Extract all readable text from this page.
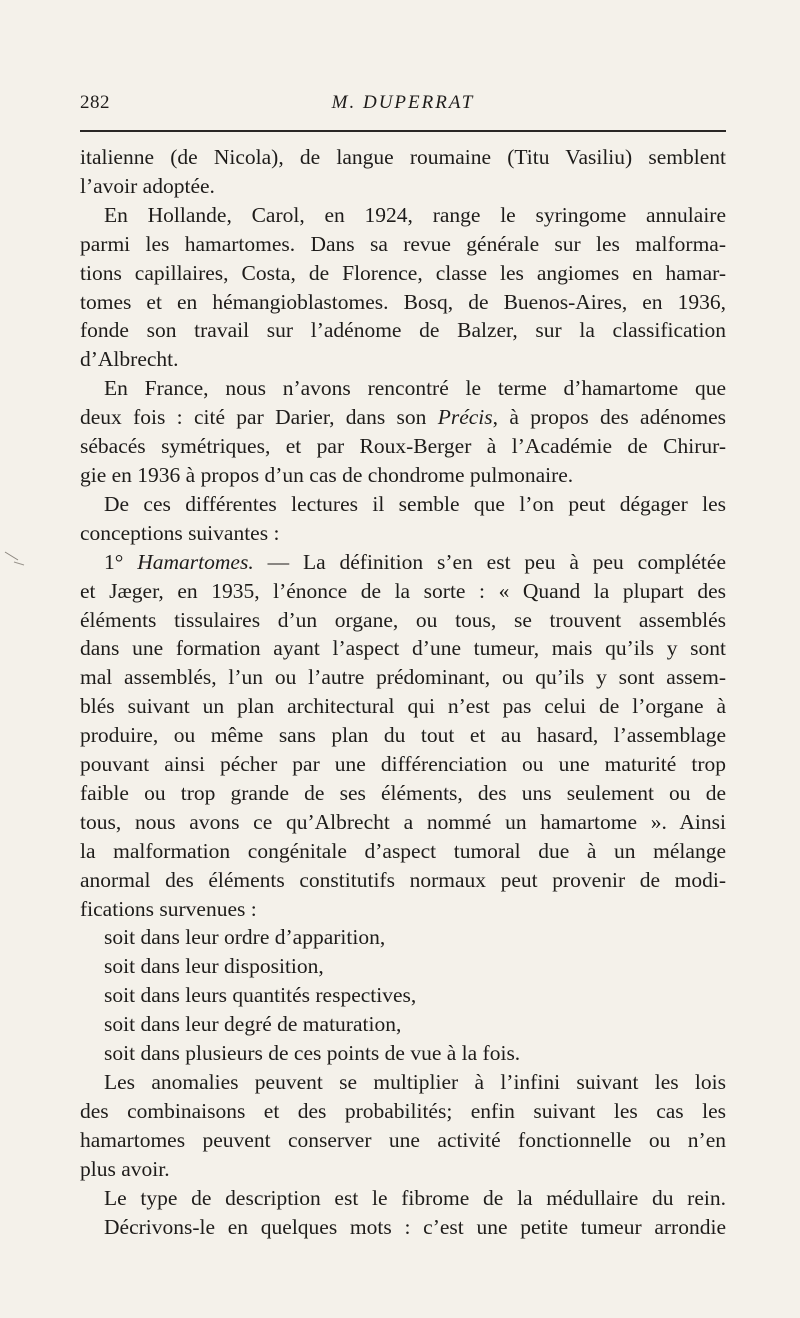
282	M. DUPERRAT
italienne (de Nicola), de langue roumaine (Titu Vasiliu) semblent
l’avoir adoptée.
En Hollande, Carol, en 1924, range le syringome annulaire
parmi les hamartomes. Dans sa revue générale sur les malforma-
tions capillaires, Costa, de Florence, classe les angiomes en hamar-
tomes et en hémangioblastomes. Bosq, de Buenos-Aires, en 1936,
fonde son travail sur l’adénome de Balzer, sur la classification
d’Albrecht.
En France, nous n’avons rencontré le terme d’hamartome que
deux fois : cité par Darier, dans son Précis, à propos des adénomes
sébacés symétriques, et par Roux-Berger à l’Académie de Chirur-
gie en 1936 à propos d’un cas de chondrome pulmonaire.
De ces différentes lectures il semble que l’on peut dégager les
conceptions suivantes :
1° Hamartomes. — La définition s’en est peu à peu complétée
et Jæger, en 1935, l’énonce de la sorte : « Quand la plupart des
éléments tissulaires d’un organe, ou tous, se trouvent assemblés
dans une formation ayant l’aspect d’une tumeur, mais qu’ils y sont
mal assemblés, l’un ou l’autre prédominant, ou qu’ils y sont assem-
blés suivant un plan architectural qui n’est pas celui de l’organe à
produire, ou même sans plan du tout et au hasard, l’assemblage
pouvant ainsi pécher par une différenciation ou une maturité trop
faible ou trop grande de ses éléments, des uns seulement ou de
tous, nous avons ce qu’Albrecht a nommé un hamartome ». Ainsi
la malformation congénitale d’aspect tumoral due à un mélange
anormal des éléments constitutifs normaux peut provenir de modi-
fications survenues :
soit dans leur ordre d’apparition,
soit dans leur disposition,
soit dans leurs quantités respectives,
soit dans leur degré de maturation,
soit dans plusieurs de ces points de vue à la fois.
Les anomalies peuvent se multiplier à l’infini suivant les lois
des combinaisons et des probabilités; enfin suivant les cas les
hamartomes peuvent conserver une activité fonctionnelle ou n’en
plus avoir.
Le type de description est le fibrome de la médullaire du rein.
Décrivons-le en quelques mots : c’est une petite tumeur arrondie
